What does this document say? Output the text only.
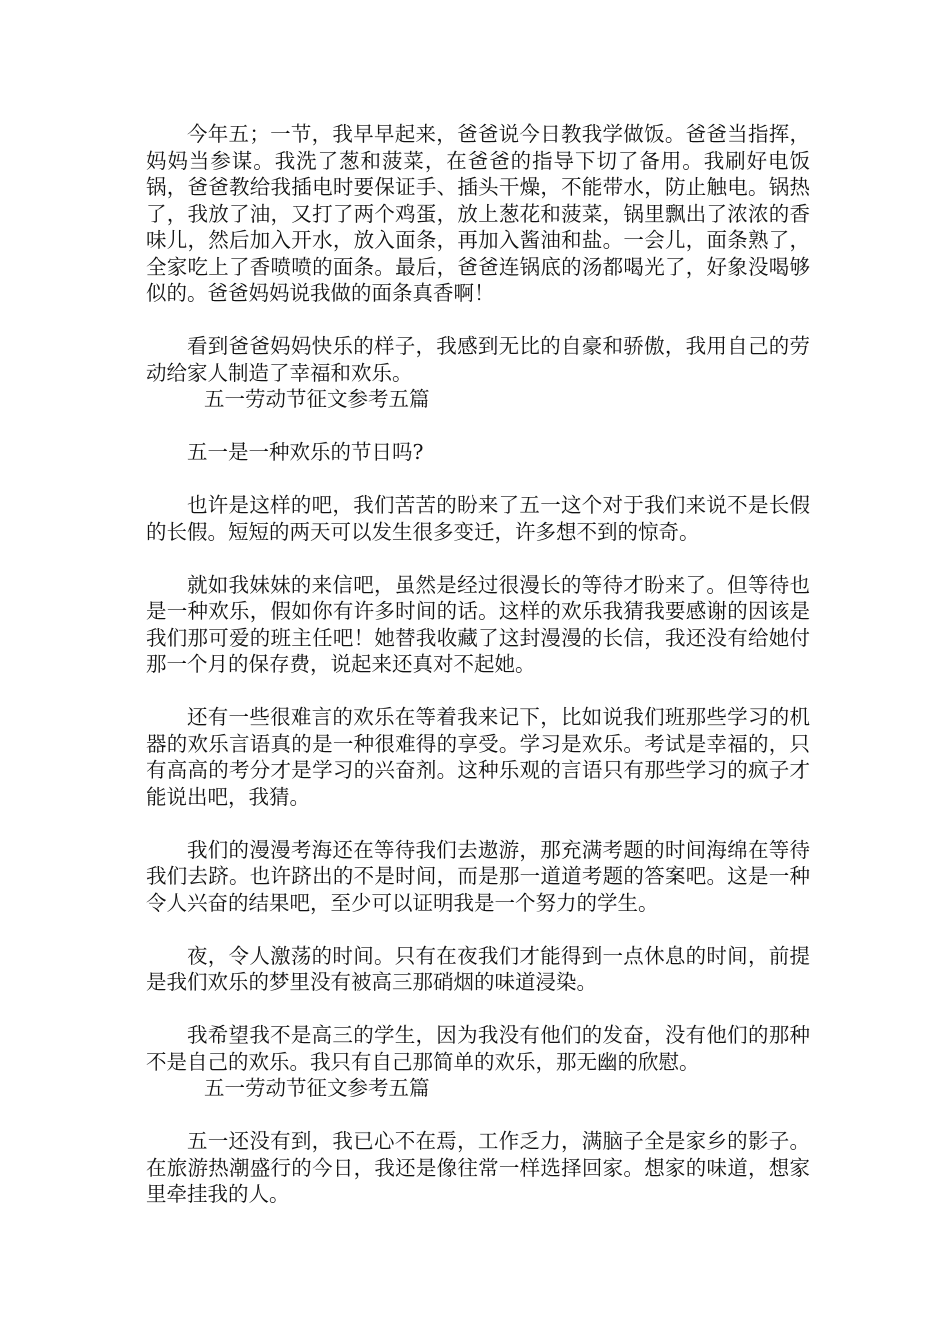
今年五；一节，我早早起来，爸爸说今日教我学做饭。爸爸当指挥，妈妈当参谋。我洗了葱和菠菜，在爸爸的指导下切了备用。我刷好电饭锅，爸爸教给我插电时要保证手、插头干燥，不能带水，防止触电。锅热了，我放了油，又打了两个鸡蛋，放上葱花和菠菜，锅里飘出了浓浓的香味儿，然后加入开水，放入面条，再加入酱油和盐。一会儿，面条熟了，全家吃上了香喷喷的面条。最后，爸爸连锅底的汤都喝光了，好象没喝够似的。爸爸妈妈说我做的面条真香啊！

看到爸爸妈妈快乐的样子，我感到无比的自豪和骄傲，我用自己的劳动给家人制造了幸福和欢乐。

五一劳动节征文参考五篇

五一是一种欢乐的节日吗?

也许是这样的吧，我们苦苦的盼来了五一这个对于我们来说不是长假的长假。短短的两天可以发生很多变迁，许多想不到的惊奇。

就如我妹妹的来信吧，虽然是经过很漫长的等待才盼来了。但等待也是一种欢乐，假如你有许多时间的话。这样的欢乐我猜我要感谢的因该是我们那可爱的班主任吧！她替我收藏了这封漫漫的长信，我还没有给她付那一个月的保存费，说起来还真对不起她。

还有一些很难言的欢乐在等着我来记下，比如说我们班那些学习的机器的欢乐言语真的是一种很难得的享受。学习是欢乐。考试是幸福的，只有高高的考分才是学习的兴奋剂。这种乐观的言语只有那些学习的疯子才能说出吧，我猜。

我们的漫漫考海还在等待我们去遨游，那充满考题的时间海绵在等待我们去跻。也许跻出的不是时间，而是那一道道考题的答案吧。这是一种令人兴奋的结果吧，至少可以证明我是一个努力的学生。

夜，令人激荡的时间。只有在夜我们才能得到一点休息的时间，前提是我们欢乐的梦里没有被高三那硝烟的味道浸染。

我希望我不是高三的学生，因为我没有他们的发奋，没有他们的那种不是自己的欢乐。我只有自己那简单的欢乐，那无幽的欣慰。

五一劳动节征文参考五篇

五一还没有到，我已心不在焉，工作乏力，满脑子全是家乡的影子。在旅游热潮盛行的今日，我还是像往常一样选择回家。想家的味道，想家里牵挂我的人。
